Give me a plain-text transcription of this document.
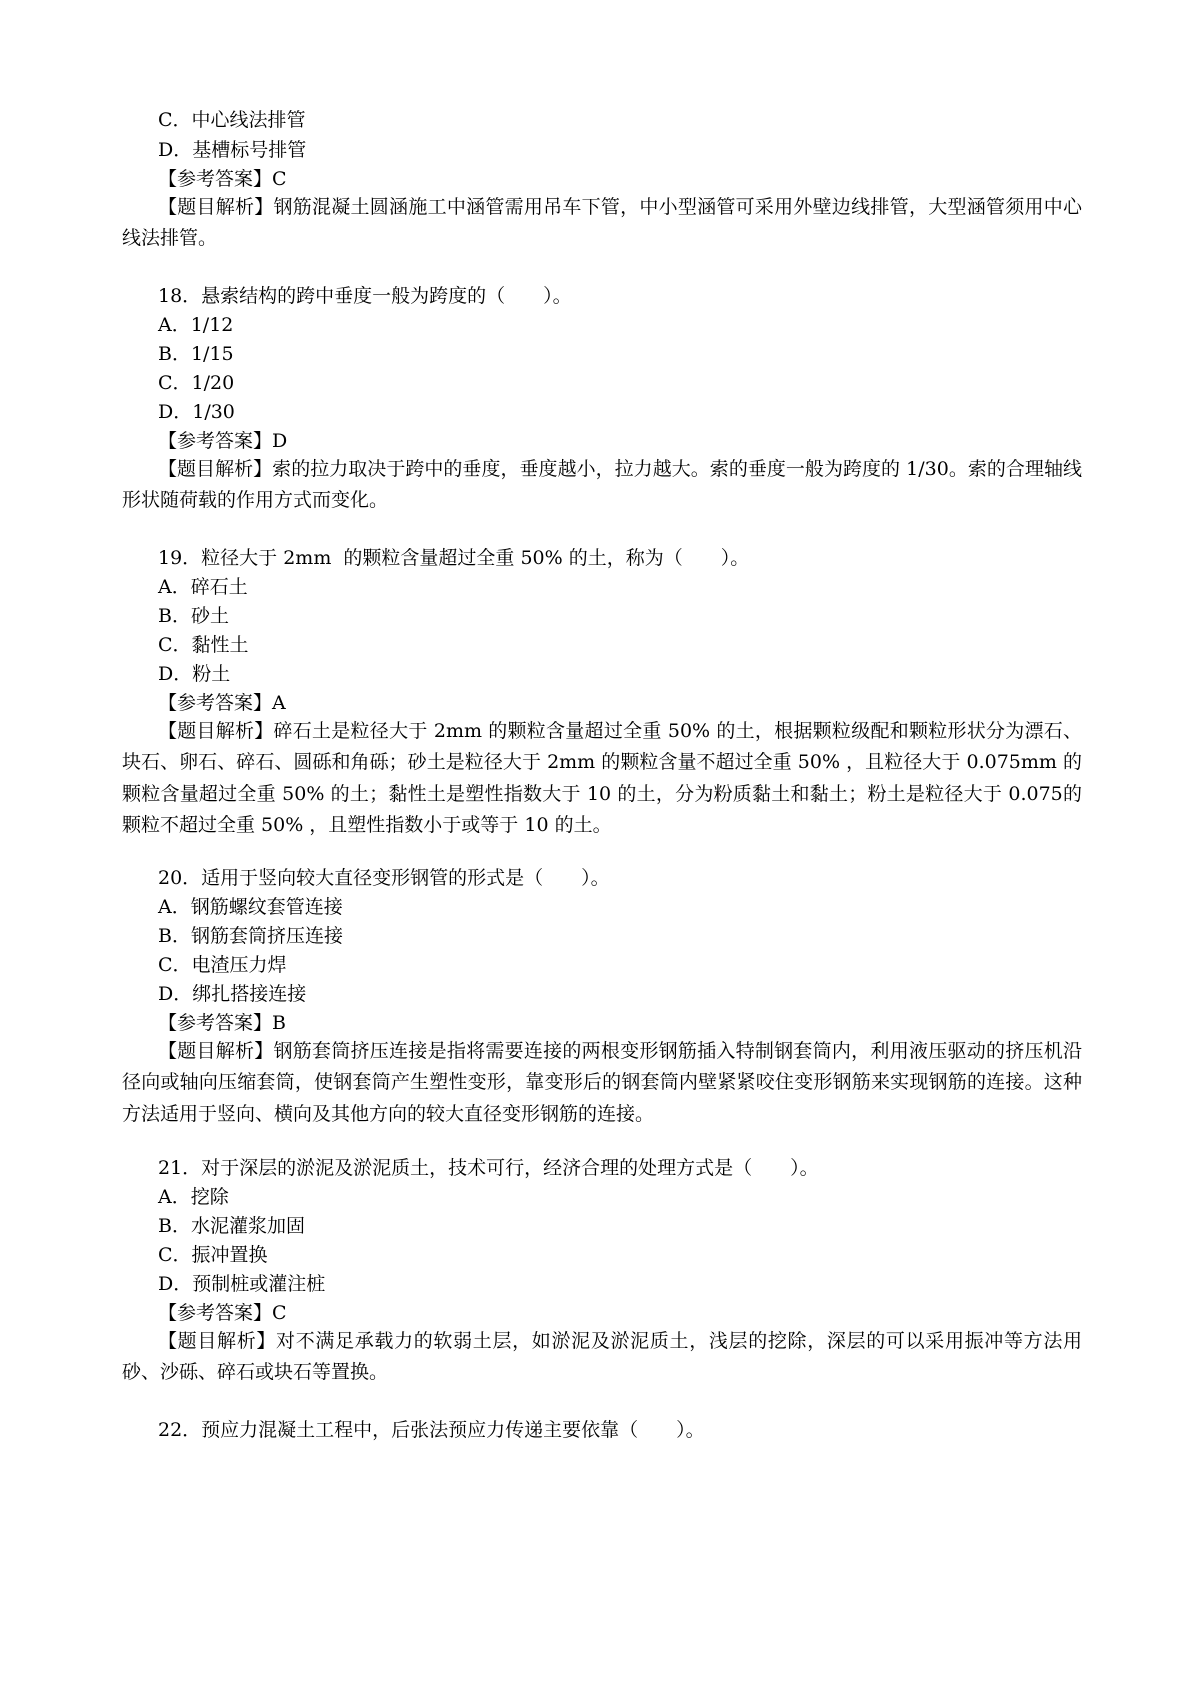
C．中心线法排管
D．基槽标号排管
【参考答案】C
【题目解析】钢筋混凝土圆涵施工中涵管需用吊车下管，中小型涵管可采用外壁边线排管，大型涵管须用中心线法排管。
18．悬索结构的跨中垂度一般为跨度的（　　）。
A．1/12
B．1/15
C．1/20
D．1/30
【参考答案】D
【题目解析】索的拉力取决于跨中的垂度，垂度越小，拉力越大。索的垂度一般为跨度的 1/30。索的合理轴线形状随荷载的作用方式而变化。
19．粒径大于 2mm  的颗粒含量超过全重 50% 的土，称为（　　）。
A．碎石土
B．砂土
C．黏性土
D．粉土
【参考答案】A
【题目解析】碎石土是粒径大于 2mm 的颗粒含量超过全重 50% 的土，根据颗粒级配和颗粒形状分为漂石、块石、卵石、碎石、圆砾和角砾；砂土是粒径大于 2mm 的颗粒含量不超过全重 50% ，且粒径大于 0.075mm 的颗粒含量超过全重 50% 的土；黏性土是塑性指数大于 10 的土，分为粉质黏土和黏土；粉土是粒径大于 0.075的颗粒不超过全重 50% ，且塑性指数小于或等于 10 的土。
20．适用于竖向较大直径变形钢管的形式是（　　）。
A．钢筋螺纹套管连接
B．钢筋套筒挤压连接
C．电渣压力焊
D．绑扎搭接连接
【参考答案】B
【题目解析】钢筋套筒挤压连接是指将需要连接的两根变形钢筋插入特制钢套筒内，利用液压驱动的挤压机沿径向或轴向压缩套筒，使钢套筒产生塑性变形，靠变形后的钢套筒内壁紧紧咬住变形钢筋来实现钢筋的连接。这种方法适用于竖向、横向及其他方向的较大直径变形钢筋的连接。
21．对于深层的淤泥及淤泥质土，技术可行，经济合理的处理方式是（　　）。
A．挖除
B．水泥灌浆加固
C．振冲置换
D．预制桩或灌注桩
【参考答案】C
【题目解析】对不满足承载力的软弱土层，如淤泥及淤泥质土，浅层的挖除，深层的可以采用振冲等方法用砂、沙砾、碎石或块石等置换。
22．预应力混凝土工程中，后张法预应力传递主要依靠（　　）。
